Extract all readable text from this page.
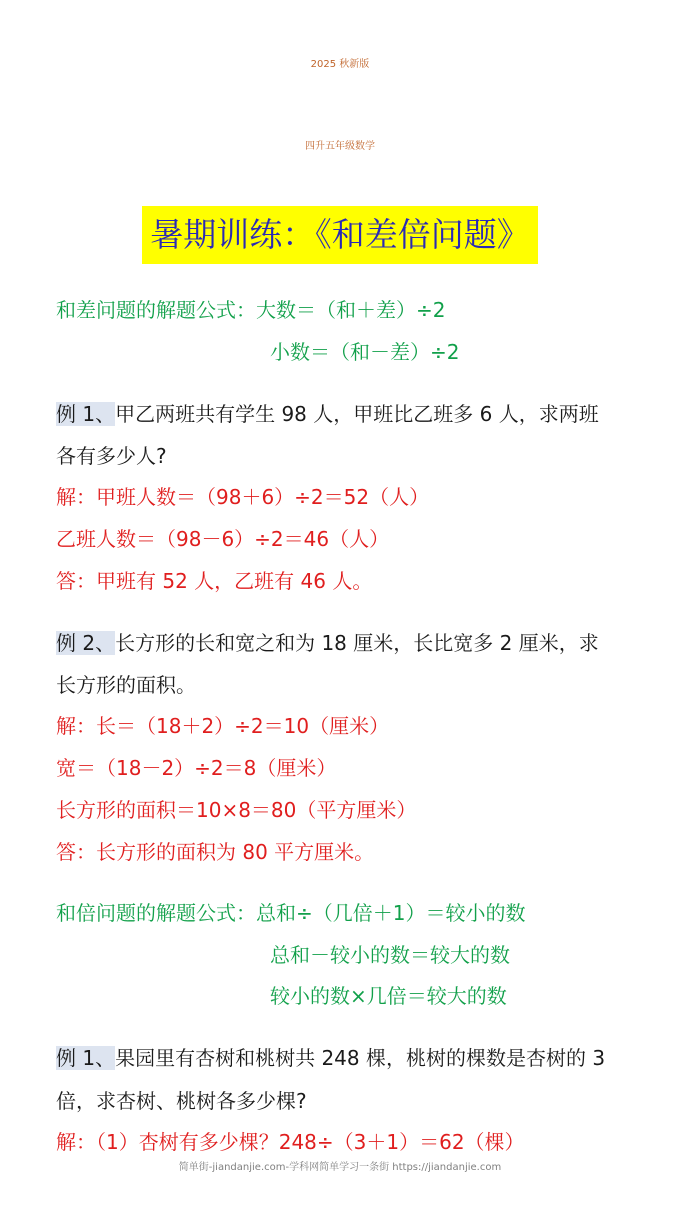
2025 秋新版
四升五年级数学
暑期训练：《和差倍问题》
和差问题的解题公式：大数＝（和＋差）÷2
小数＝（和－差）÷2
例 1、甲乙两班共有学生 98 人，甲班比乙班多 6 人，求两班
各有多少人?
解：甲班人数＝（98＋6）÷2＝52（人）
乙班人数＝（98－6）÷2＝46（人）
答：甲班有 52 人，乙班有 46 人。
例 2、长方形的长和宽之和为 18 厘米，长比宽多 2 厘米，求
长方形的面积。
解：长＝（18＋2）÷2＝10（厘米）
宽＝（18－2）÷2＝8（厘米）
长方形的面积＝10×8＝80（平方厘米）
答：长方形的面积为 80 平方厘米。
和倍问题的解题公式：总和÷（几倍＋1）＝较小的数
总和－较小的数＝较大的数
较小的数×几倍＝较大的数
例 1、果园里有杏树和桃树共 248 棵，桃树的棵数是杏树的 3
倍，求杏树、桃树各多少棵?
解：（1）杏树有多少棵？248÷（3＋1）＝62（棵）
简单街-jiandanjie.com-学科网简单学习一条街 https://jiandanjie.com
